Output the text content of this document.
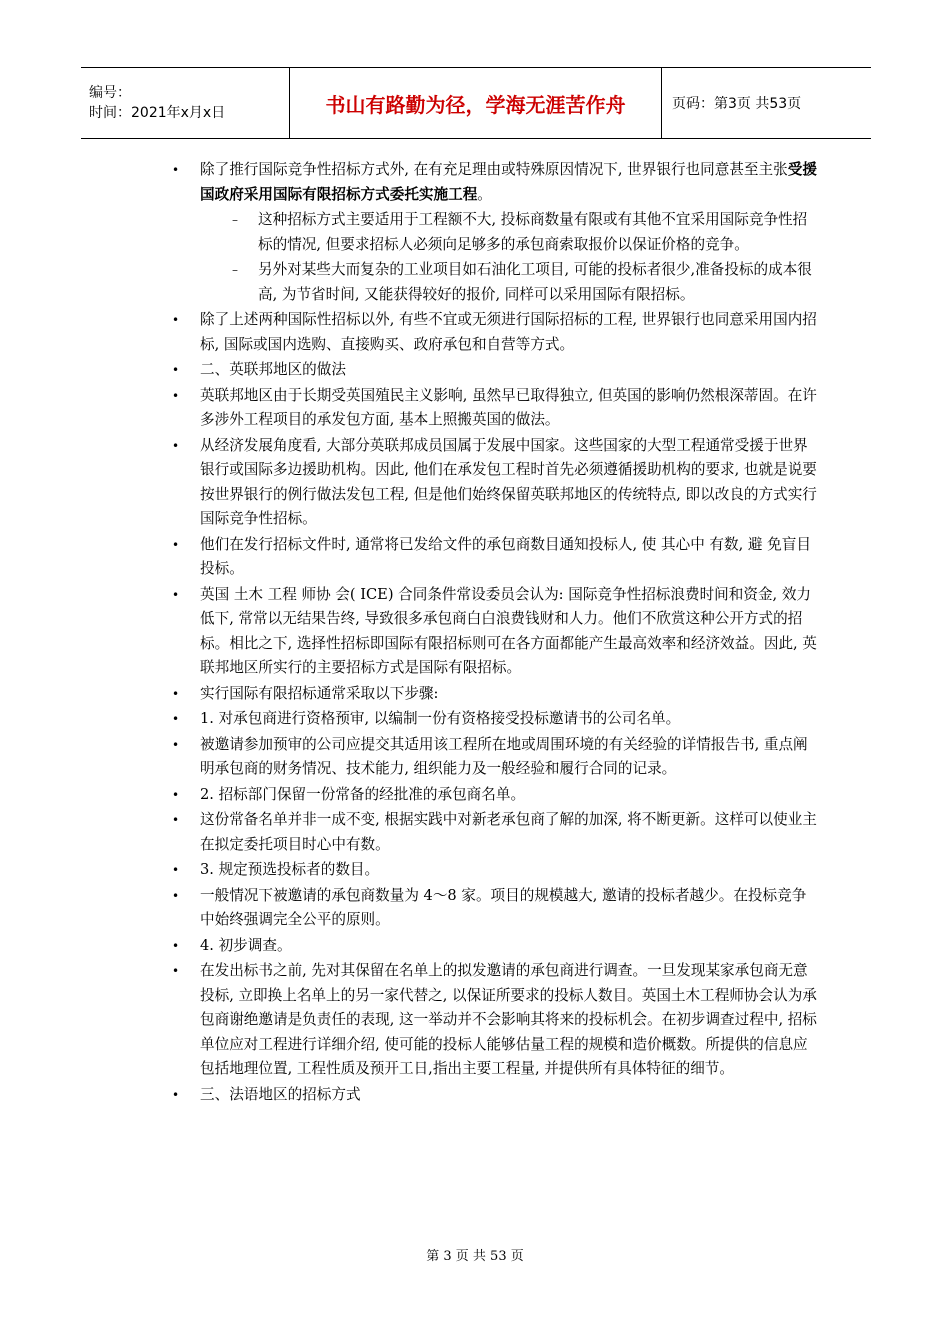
编号：
时间：2021年x月x日	书山有路勤为径，学海无涯苦作舟	页码：第3页 共53页
• 除了推行国际竞争性招标方式外, 在有充足理由或特殊原因情况下, 世界银行也同意甚至主张受援国政府采用国际有限招标方式委托实施工程。
– 这种招标方式主要适用于工程额不大, 投标商数量有限或有其他不宜采用国际竞争性招标的情况, 但要求招标人必须向足够多的承包商索取报价以保证价格的竞争。
– 另外对某些大而复杂的工业项目如石油化工项目, 可能的投标者很少,准备投标的成本很高, 为节省时间, 又能获得较好的报价, 同样可以采用国际有限招标。
• 除了上述两种国际性招标以外, 有些不宜或无须进行国际招标的工程, 世界银行也同意采用国内招标, 国际或国内选购、直接购买、政府承包和自营等方式。
• 二、英联邦地区的做法
• 英联邦地区由于长期受英国殖民主义影响, 虽然早已取得独立, 但英国的影响仍然根深蒂固。在许多涉外工程项目的承发包方面, 基本上照搬英国的做法。
• 从经济发展角度看, 大部分英联邦成员国属于发展中国家。这些国家的大型工程通常受援于世界银行或国际多边援助机构。因此, 他们在承发包工程时首先必须遵循援助机构的要求, 也就是说要按世界银行的例行做法发包工程, 但是他们始终保留英联邦地区的传统特点, 即以改良的方式实行国际竞争性招标。
• 他们在发行招标文件时, 通常将已发给文件的承包商数目通知投标人, 使 其心中 有数, 避 免盲目 投标。
• 英国 土木 工程 师协 会( ICE) 合同条件常设委员会认为: 国际竞争性招标浪费时间和资金, 效力低下, 常常以无结果告终, 导致很多承包商白白浪费钱财和人力。他们不欣赏这种公开方式的招标。相比之下, 选择性招标即国际有限招标则可在各方面都能产生最高效率和经济效益。因此, 英联邦地区所实行的主要招标方式是国际有限招标。
• 实行国际有限招标通常采取以下步骤:
• 1. 对承包商进行资格预审, 以编制一份有资格接受投标邀请书的公司名单。
• 被邀请参加预审的公司应提交其适用该工程所在地或周围环境的有关经验的详情报告书, 重点阐明承包商的财务情况、技术能力, 组织能力及一般经验和履行合同的记录。
• 2. 招标部门保留一份常备的经批准的承包商名单。
• 这份常备名单并非一成不变, 根据实践中对新老承包商了解的加深, 将不断更新。这样可以使业主在拟定委托项目时心中有数。
• 3. 规定预选投标者的数目。
• 一般情况下被邀请的承包商数量为 4～8 家。项目的规模越大, 邀请的投标者越少。在投标竞争中始终强调完全公平的原则。
• 4. 初步调查。
• 在发出标书之前, 先对其保留在名单上的拟发邀请的承包商进行调查。一旦发现某家承包商无意投标, 立即换上名单上的另一家代替之, 以保证所要求的投标人数目。英国土木工程师协会认为承包商谢绝邀请是负责任的表现, 这一举动并不会影响其将来的投标机会。在初步调查过程中, 招标单位应对工程进行详细介绍, 使可能的投标人能够估量工程的规模和造价概数。所提供的信息应包括地理位置, 工程性质及预开工日,指出主要工程量, 并提供所有具体特征的细节。
• 三、法语地区的招标方式
第 3 页 共 53 页
